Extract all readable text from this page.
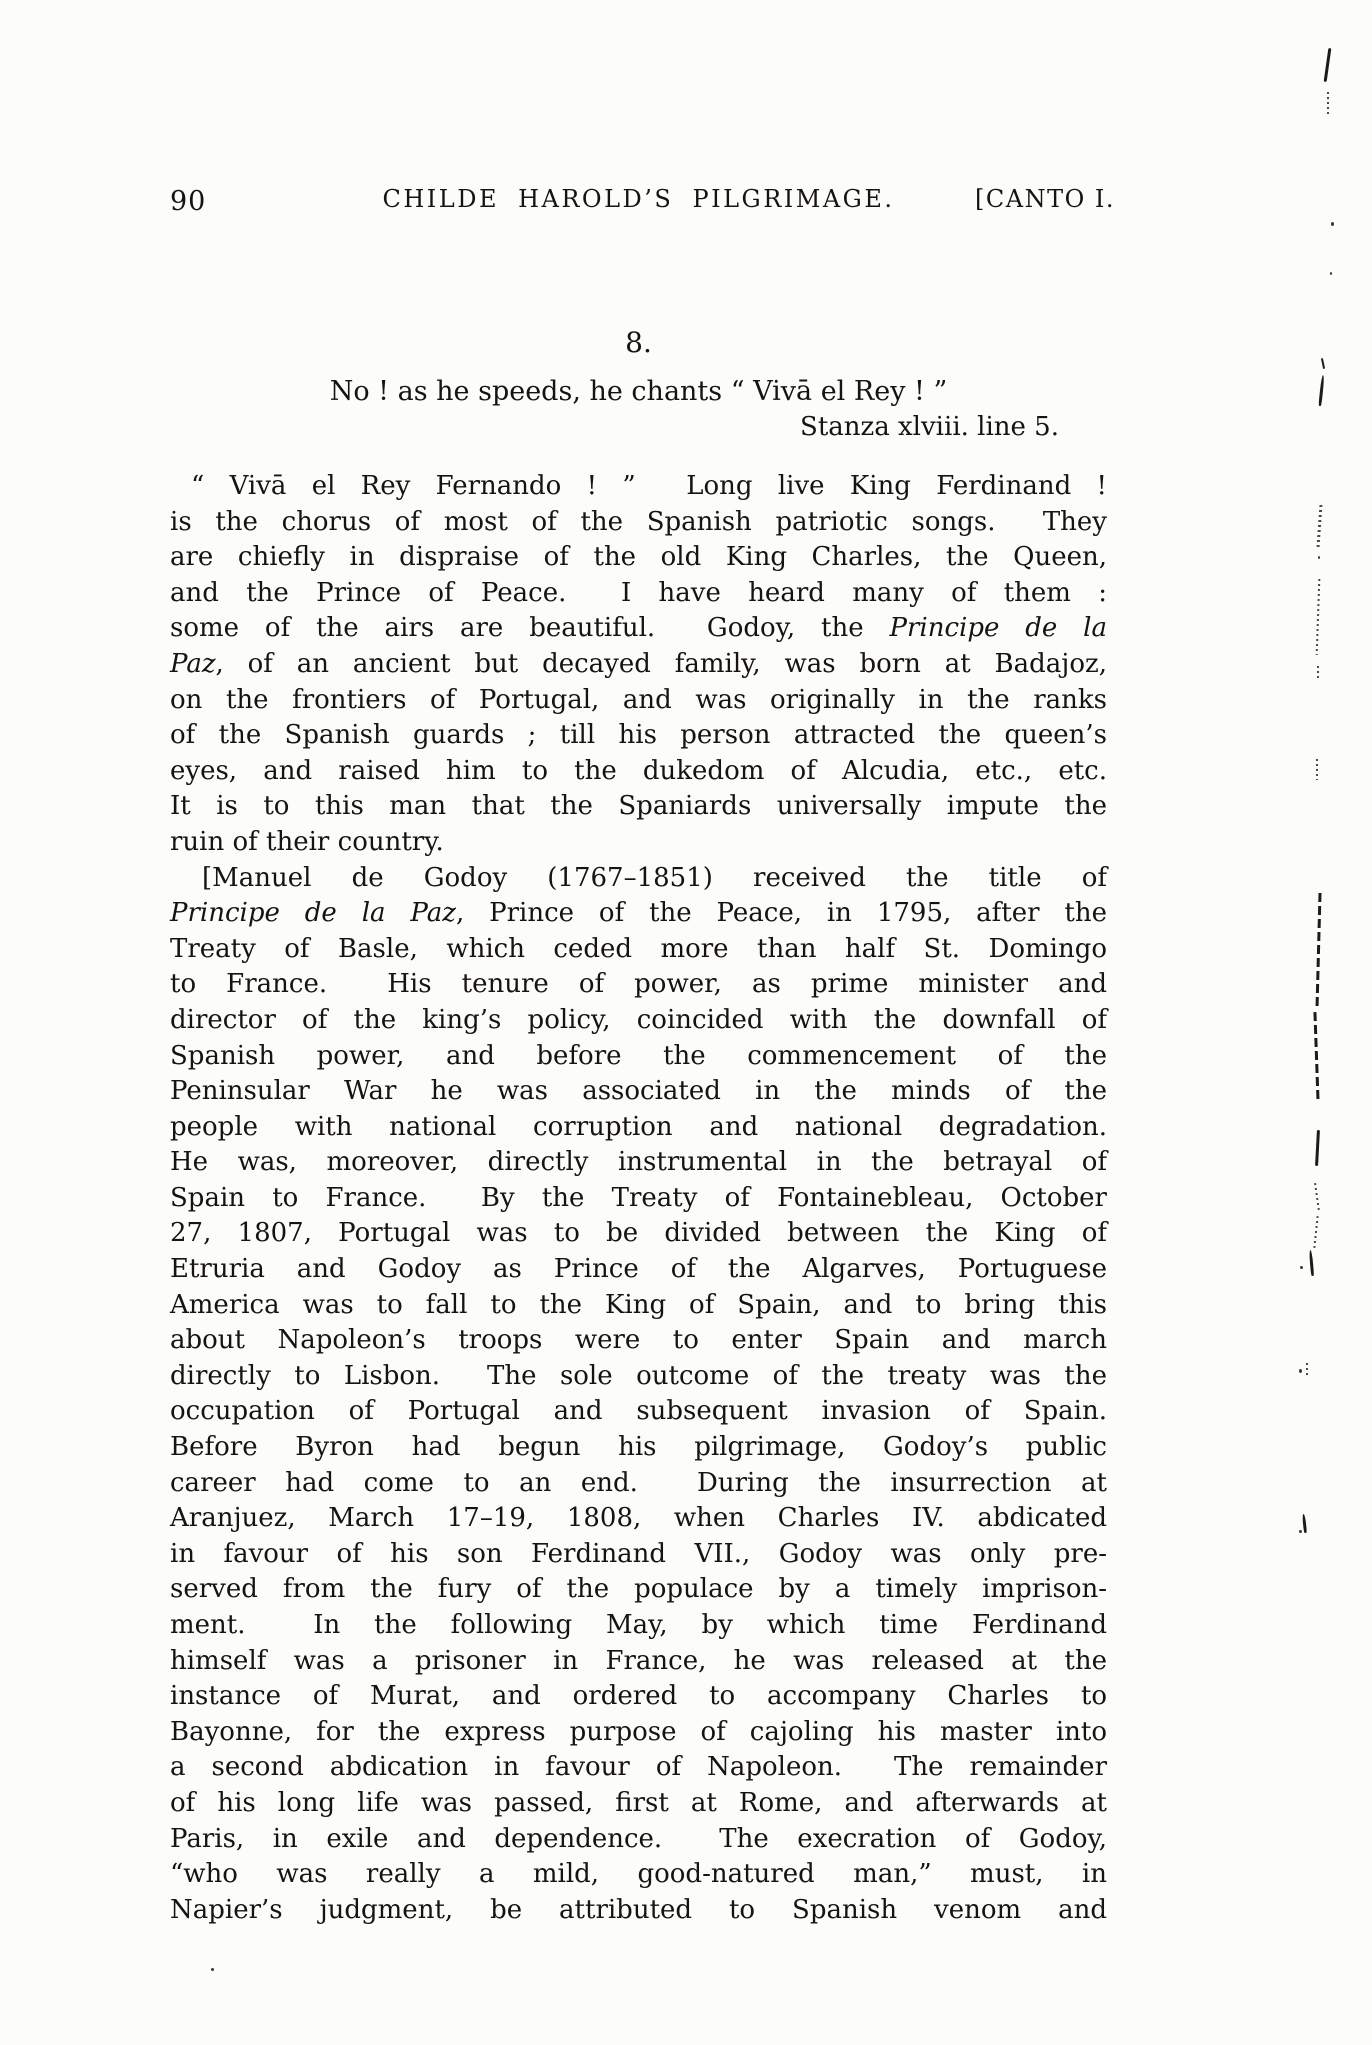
90	CHILDE HAROLD’S PILGRIMAGE.	[CANTO I.
8.
No ! as he speeds, he chants “ Vivā el Rey ! ”
Stanza xlviii. line 5.
“ Vivā el Rey Fernando ! ”  Long live King Ferdinand !
is the chorus of most of the Spanish patriotic songs.  They
are chiefly in dispraise of the old King Charles, the Queen,
and the Prince of Peace.  I have heard many of them :
some of the airs are beautiful.  Godoy, the Principe de la
Paz, of an ancient but decayed family, was born at Badajoz,
on the frontiers of Portugal, and was originally in the ranks
of the Spanish guards ; till his person attracted the queen’s
eyes, and raised him to the dukedom of Alcudia, etc., etc.
It is to this man that the Spaniards universally impute the
ruin of their country.
[Manuel de Godoy (1767–1851) received the title of
Principe de la Paz, Prince of the Peace, in 1795, after the
Treaty of Basle, which ceded more than half St. Domingo
to France.  His tenure of power, as prime minister and
director of the king’s policy, coincided with the downfall of
Spanish power, and before the commencement of the
Peninsular War he was associated in the minds of the
people with national corruption and national degradation.
He was, moreover, directly instrumental in the betrayal of
Spain to France.  By the Treaty of Fontainebleau, October
27, 1807, Portugal was to be divided between the King of
Etruria and Godoy as Prince of the Algarves, Portuguese
America was to fall to the King of Spain, and to bring this
about Napoleon’s troops were to enter Spain and march
directly to Lisbon.  The sole outcome of the treaty was the
occupation of Portugal and subsequent invasion of Spain.
Before Byron had begun his pilgrimage, Godoy’s public
career had come to an end.  During the insurrection at
Aranjuez, March 17–19, 1808, when Charles IV. abdicated
in favour of his son Ferdinand VII., Godoy was only pre-
served from the fury of the populace by a timely imprison-
ment.  In the following May, by which time Ferdinand
himself was a prisoner in France, he was released at the
instance of Murat, and ordered to accompany Charles to
Bayonne, for the express purpose of cajoling his master into
a second abdication in favour of Napoleon.  The remainder
of his long life was passed, first at Rome, and afterwards at
Paris, in exile and dependence.  The execration of Godoy,
“who was really a mild, good-natured man,” must, in
Napier’s judgment, be attributed to Spanish venom and
